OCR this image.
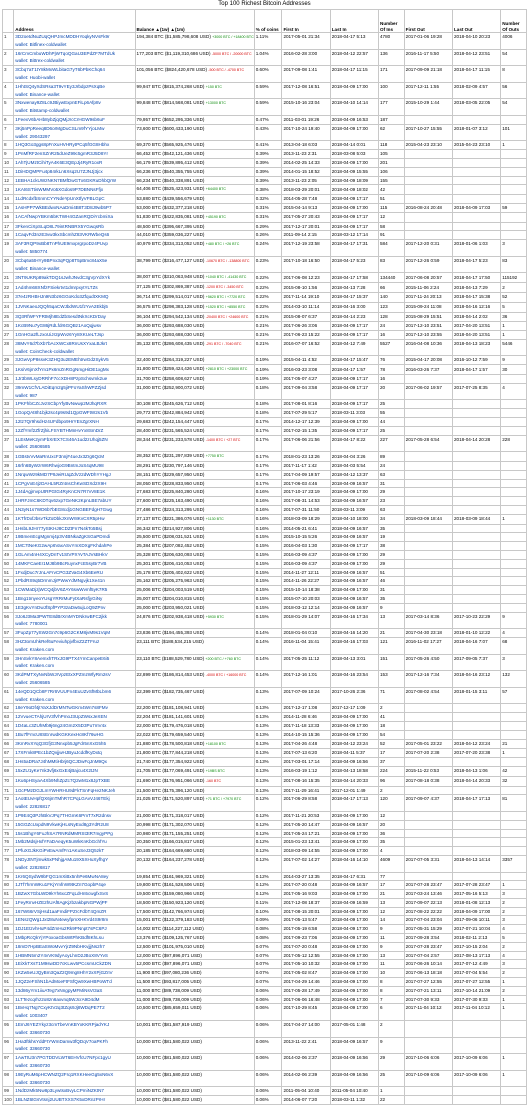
Top 100 Richest Bitcoin Addresses
	Address	Balance ▲(1w) ▲(1m)	% of coins	First In	Last In	Number Of Ins	First Out	Last Out	Number Of Outs
1	3D2oetdNuZUqQHPJmcMDDHYoqkyNVsFk9r
wallet: Bitfinex-coldwallet	194,384 BTC ($1,585,798,608 USD) +3000 BTC / +18400 BTC	1.11%	2017-05-01 21:34	2018-04-17 5:13	4780	2017-01-06 19:28	2018-04-10 20:23	4006
2	16rCmCmbuWDhPjWTqoQGaU3EPdZF7MTdUk
wallet: Bittrex-coldwallet	177,203 BTC ($1,119,310,686 USD) -5000 BTC / -20000 BTC	1.04%	2016-02-28 3:00	2018-04-12 22:57	136	2016-11-17 5:50	2018-04-12 23:51	54
3	3Cbq7aT1tY8kMxWLbitaG7yT6bPbKChq64
wallet: Huobi-wallet	101,056 BTC ($824,420,678 USD) -500 BTC / -4700 BTC	0.60%	2017-09-08 1:41	2018-04-17 11:15	171	2017-09-09 21:18	2018-04-17 11:15	8
4	1HhtSQ4yXdSRsa3T9vYEy3JrbdpzPsXqBe
wallet: Binance-wallet	99,947 BTC ($815,374,268 USD) +150 BTC	0.59%	2017-12-08 16:51	2018-04-09 17:00	100	2017-12-11 1:55	2018-02-09 4:57	56
5	3Nxwenay9Z8Lc9JBiywExpnEFiLp6Afp8v
wallet: Bitstamp-coldwallet	99,848 BTC ($814,568,081 USD) +13000 BTC	0.59%	2015-10-16 23:04	2018-04-10 14:14	177	2015-10-29 1:44	2018-03-05 22:05	54
6	1FeexV6bAHb8ybZjqQMjJrcCrHGW9sb6uF	79,957 BTC ($652,295,336 USD)	0.47%	2011-03-01 19:26	2018-04-09 16:53	187			
7	3Kj5nPpReeq8D6orMgDuCSLm9fYYjoLMw
wallet: 29043297	73,600 BTC ($600,433,190 USD)	0.43%	2017-10-24 19:40	2018-04-09 17:00	62	2017-10-27 15:55	2018-01-07 3:12	101
8	1HQ3Go3ggs8pFnXuHVHRytPCq5fGG8Hbhx	69,370 BTC ($565,925,476 USD)	0.41%	2013-04-18 6:03	2018-04-14 0:01	118	2015-04-23 23:10	2015-04-23 23:10	1
9	1PnMfRF2enSZnR25dUeZ99c5gmR3J5D8Yr	66,452 BTC ($542,121,436 USD)	0.39%	2013-11-23 2:31	2018-03-08 5:03	105			
10	1AhTjUMztCihiTyA4K6E3QEpJj4RyR1oxR	66,179 BTC ($539,895,412 USD)	0.39%	2014-02-25 14:33	2018-04-09 17:00	201			
11	1DiHDQMPFu4p84rkLn6Xsq2U7ZJNJj3jcx	66,236 BTC ($540,355,755 USD)	0.39%	2014-01-15 18:52	2018-04-09 15:55	106			
12	1EBHA1ckUWzNKN7BMfDwGTx6GKRuDhbQrW	66,234 BTC ($540,338,891 USD)	0.39%	2013-11-23 2:05	2018-04-09 18:09	155			
13	1KAt6STtisWMMVo5XGdos9P7DBNNsFfjx	64,406 BTC ($525,423,931 USD) +64400 BTC	0.38%	2018-03-29 20:01	2018-04-09 18:02	42			
14	1LdRcdxfbSnmCYYNdeYpUnXtfyVFBLGpC	53,880 BTC ($439,556,679 USD)	0.32%	2014-05-28 7:48	2018-04-09 17:17	51			
15	1AsHPP7WkBEdwxNAaDmi4B8T3D8J9wb5P7	53,000 BTC ($432,377,218 USD)	0.31%	2015-04-14 9:13	2018-04-09 17:00	115	2016-08-24 20:48	2018-04-09 17:03	59
16	1ACAfNwpYBKm5bKTWH4GZanRQDiYcbmiXa	51,830 BTC ($422,835,081 USD) +45190 BTC	0.31%	2017-05-27 20:43	2018-04-09 17:17	12			
17	3FkenCiXpSLqD8L79intRNBRX5YGwqsRb	48,500 BTC ($395,667,395 USD)	0.29%	2017-12-17 20:01	2018-04-09 17:17	58			
18	1CaqvFd3nzE3vw3kxSbcmhZ83VKRWbeQs6	44,010 BTC ($359,036,227 USD)	0.26%	2011-09-14 2:15	2018-03-12 17:14	91			
19	3AF3RQP9xBb8TnPhUE9mxprgrpoDz4PUvp
wallet: 5850774	40,979 BTC ($334,313,052 USD) +480 BTC / +26 BTC	0.24%	2017-12-19 23:58	2018-04-17 17:31	584	2017-12-20 0:31	2018-01-06 1:03	3
20	3Cbq6a5tHYy9BPnx3qPQp8T5pBmc84aX5e
wallet: Binance-wallet	38,799 BTC ($316,477,127 USD) -10670 BTC / -138800 BTC	0.23%	2017-10-18 16:50	2018-04-17 5:23	83	2017-12-26 0:59	2018-04-17 5:23	83
21	3NT9UKRp89akTDQ1sJwhJNvdC3gVpYdXYk	38,007 BTC ($310,063,948 USD) +1040 BTC / -41430 BTC	0.22%	2017-06-08 12:23	2018-04-17 17:58	134440	2017-06-08 20:57	2018-04-17 17:50	115192
22	1Ad4hm68XNfzFSiekrtvt1dmrpxytYLTZs	37,125 BTC ($302,869,387 USD) -1200 BTC / -3450 BTC	0.22%	2015-08-10 1:56	2018-04-13 7:28	66	2015-11-06 2:24	2018-04-13 7:29	2
23	37e4zRHBHJn9N3bz6GGoKdo3ZfqudtXKMQ	36,714 BTC ($299,514,017 USD) +5620 BTC / +7720 BTC	0.22%	2017-11-14 19:10	2018-04-17 15:37	140	2017-11-24 20:13	2018-04-17 15:38	52
24	1JVNKaeoJQQh5qaCWJbdWU1fzYvA2Ekbj5	36,575 BTC ($298,383,128 USD) +1520 BTC / +8550 BTC	0.22%	2014-03-10 11:14	2018-04-16 3:00	123	2015-09-24 11:08	2018-04-16 12:16	5
25	3Q3RfWFYFRtMjh8EdZbSesdtNkXcKDrDay	36,104 BTC ($294,542,134 USD) -20400 BTC / +24600 BTC	0.21%	2015-08-07 6:37	2018-04-14 2:23	128	2015-08-29 15:51	2018-04-14 2:02	36
26	1KcB9Nu7yG86jRdLfdr6GQBz1AoQqjwsv	36,000 BTC ($293,688,030 USD)	0.21%	2017-06-26 3:06	2018-04-09 17:17	24	2017-12-10 23:51	2017-04-20 13:51	1
27	1GnHGa2fLzxoUiJr2pWvz6Yy8XKUeLTJsp	36,000 BTC ($293,688,030 USD)	0.21%	2017-06-23 15:22	2018-04-09 17:17	16	2017-12-10 23:55	2018-04-20 13:51	1
28	38MvY6d7bXb7bAcXWCx8RnUsXYxaLBJkrt
wallet: CoinCheck-coldwallet	35,132 BTC ($286,608,435 USD) -291 BTC / -7040 BTC	0.21%	2016-07-07 16:52	2018-04-12 7:49	5527	2016-04-08 10:36	2018-04-13 18:23	5446
29	3JGwVpP8ssvK3ZHQ3u2EMEhtrwGd2SykV5	32,400 BTC ($264,319,227 USD)	0.19%	2015-04-11 4:52	2018-04-17 15:47	76	2015-04-17 20:08	2016-10-12 7:59	9
30	1KsiV6jmXfYm1Px6mZnRGgNmgHiDE1xgMx	31,800 BTC ($259,424,426 USD) +2810 BTC / +23000 BTC	0.19%	2016-03-23 3:08	2018-04-17 1:57	78	2016-03-26 7:37	2018-04-17 1:57	30
31	1Jr3bWLsyDRRhF7ccXDH8PzpSchsvmk2ue	31,700 BTC ($258,608,627 USD)	0.19%	2017-05-07 4:27	2018-04-09 17:17	16			
32	39mW1CfVLADiEqm2g5jiPFoYaShWPZZjsd
wallet: 987	31,000 BTC ($252,900,072 USD)	0.18%	2017-09-04 3:58	2018-04-09 17:17	20	2017-06-02 19:57	2017-07-25 8:35	4
33	1PKFhbCZcJvzSCbpYfyBvNwwp2MJhqRXR	30,108 BTC ($245,626,712 USD)	0.18%	2017-08-01 8:16	2018-04-09 17:17	25			
34	1GopQAt8h1bjk2sc4p9s9d1QpGWFtW2s1Vb	29,772 BTC ($242,884,942 USD)	0.18%	2017-07-29 5:17	2018-03-11 3:03	55			
35	12tz7Qr9hsdHz4UFdbpo9HrYEnZgrXNH	29,683 BTC ($242,154,447 USD)	0.17%	2014-12-17 12:39	2018-04-09 17:00	44			
36	12ZfYmf2ZfrZjhiLFSYBTHMnHvYx8SmDrZ	28,400 BTC ($231,565,524 USD)	0.17%	2017-02-15 1:35	2018-04-09 17:17	25			
37	1LEsMeK2ymFbXrEX7CS46A1ud2zUhqj5ZN
wallet: 25606585	28,344 BTC ($231,233,578 USD) -1400 BTC / +27 BTC	0.17%	2017-06-06 21:56	2018-04-17 8:22	227	2017-05-28 6:54	2018-04-14 20:28	228
38	1GBstvVvMaRnUxcF3nnjF4ueJx3Zrg6QcM	28,352 BTC ($231,297,839 USD) +7750 BTC	0.17%	2018-01-23 13:26	2018-04-04 3:26	89			
39	16rfn6ByWzrW6RhwjoG9BntmJoS4qMU98	28,291 BTC ($230,797,146 USD)	0.17%	2017-11-17 1:42	2018-04-03 5:54	24			
40	1NrqwWz9kMD7P9JeiRUqZdVz2dWDhYYHgJ	28,151 BTC ($229,657,950 USD)	0.17%	2017-04-09 19:57	2018-04-12 13:37	63			
41	1CPgVxE4jzDAHL5RZntnsChKwSDXd2X9H	28,050 BTC ($228,833,950 USD)	0.17%	2017-06-03 4:46	2018-04-09 16:57	31			
42	1J4dAgjmvpUtRPGtG4RyKnCN7R7vV8E1K	27,683 BTC ($225,840,280 USD)	0.16%	2017-10-17 23:19	2018-04-09 17:00	29			
43	1HRFJmC6KDTqv6zxp7GeNK2KpnLBE7abUY	27,600 BTC ($225,163,490 USD)	0.16%	2017-08-31 14:53	2018-04-09 16:57	23			
44	1N3yN1s7WD6b7bEG8cdj1GNGBEFdgH7Gwg	27,486 BTC ($224,313,295 USD)	0.16%	2017-07-31 11:50	2018-03-11 3:09	63			
45	1KTfrDxfJbsvTkZoDbkJXnWr8KvCXR5pHw	27,137 BTC ($221,386,076 USD) +1130 BTC	0.16%	2018-03-09 18:29	2018-04-10 18:00	34	2018-03-09 18:44	2018-03-09 18:44	1
46	1HsbL9JHr77yStKHJ8CDZtFn7N4kTo5Bsj	26,342 BTC ($214,927,806 USD)	0.16%	2014-05-21 6:41	2018-04-09 16:57	35			
47	19BmenEcgMgnmj4p3V4BNkaZgKSGaPDmdi	25,500 BTC ($208,031,521 USD)	0.15%	2015-10-15 5:26	2018-04-09 16:57	19			
48	1MC7tNeKG2wAp6VaxASvYmXDXgFKhdahPe	25,384 BTC ($207,082,452 USD)	0.15%	2016-04-03 1:30	2018-04-09 17:17	38			
49	1GLAm4nH4XCyDnTv1StVPXYvTAJVsBHkV	25,328 BTC ($206,630,093 USD)	0.15%	2016-03-09 4:37	2018-04-09 17:00	29			
50	14MKFCaeEr1MJ8b9BcRuynxFcE5syBr7VB	25,301 BTC ($206,410,053 USD)	0.15%	2016-03-09 4:37	2018-04-09 17:00	29			
51	1FxdjDuc7rJnLAFrvCPG3ZVaG4Xb6EeRU	25,178 BTC ($205,402,622 USD)	0.15%	2014-11-27 12:11	2018-04-09 16:57	51			
52	1PbdRS9q5DrmmJjrPWwYdMNgvjk1Xe41n	25,162 BTC ($205,275,963 USD)	0.15%	2014-11-26 22:27	2018-04-09 16:57	46			
53	1CWMaDjzjWCQ4jbV6ZAY6swWvmf5yK7R5	25,006 BTC ($204,003,519 USD)	0.15%	2015-10-14 18:38	2018-04-09 17:00	31			
54	1Bng1tmyeoYUsgYRRrMuFytXaRsfjyGiNy	25,007 BTC ($204,010,815 USD)	0.15%	2015-07-10 20:03	2018-04-09 16:57	35			
55	1E3gKvYnDwJfSpfPYP3zaDw6ujLoQ9ZPnv	25,000 BTC ($203,950,021 USD)	0.15%	2018-03-12 12:14	2018-04-09 16:57	9			
56	3Jo6J3Ma3PWTE8dBrXmMYDNkrwBFC2jkk
wallet: 7780001	24,876 BTC ($202,938,418 USD) +5930 BTC	0.15%	2018-01-29 14:07	2018-04-16 17:34	13	2017-03-14 8:36	2017-10-23 22:29	9
57	3FupZp77ySW2Gn7c9p6G2CKM8jvM9s1VqM	23,836 BTC ($194,455,393 USD)	0.14%	2018-01-04 0:10	2018-04-16 14:20	21	2017-04-30 23:18	2018-01-10 12:22	4
58	3HZ3omUhkRef6uFeviuhpjvfbvZ2ZTFruz
wallet: Kraken.com	23,111 BTC ($188,534,215 USD)	0.14%	2016-11-04 15:41	2018-04-16 17:03	121	2016-11-02 17:27	2018-04-16 7:07	68
59	3HnSvkY8AemxhTRxJG9PTX4YmCanpeE6i5
wallet: Kraken.com	23,110 BTC ($188,529,780 USD) +200 BTC / +760 BTC	0.14%	2017-05-25 11:12	2018-04-13 3:01	151	2017-05-26 4:50	2017-09-05 7:37	3
60	3KdPMTXyNvNbWJrVpzEtxXPZmzWfyRm2sV
wallet: 25606585	22,899 BTC ($186,814,453 USD) -4000 BTC / +16000 BTC	0.14%	2017-12-16 1:01	2018-04-16 23:54	153	2017-12-16 7:34	2018-04-16 23:12	132
61	14eQD1QCb8F7Rr6VUUFn4EuUZvSfMbLbm6
wallet: Kraken.com	22,399 BTC ($182,735,467 USD)	0.13%	2017-07-09 10:24	2017-10-26 2:36	71	2017-08-02 4:54	2018-01-15 3:11	57
62	18eY9oDf4jtYaXJdDrMNTwGKm4Wn7s8FMv	22,200 BTC ($181,108,941 USD)	0.13%	2017-12-17 1:08	2017-12-17 1:09	2			
63	12VvueCTAhjUrV3fVhPmoJ3UpZWsxJeXEN	22,204 BTC ($181,141,601 USD)	0.13%	2014-11-28 6:46	2018-04-09 17:00	41			
64	1D4aLc3ZUhMb9j6ng24Gm2X5D3Pu7mV4x	22,000 BTC ($179,476,018 USD)	0.13%	2017-11-18 13:33	2018-04-09 17:00	18			
65	1Bu7fFmcU8SEnrwdKGKKexHc8Kf76wHG	22,022 BTC ($179,659,540 USD)	0.13%	2014-10-15 15:36	2018-04-09 17:00	54			
66	3KmRvXYqQ3GfjG3Nnxpb5JgFdr5nXxG5h5	21,880 BTC ($178,500,818 USD) +18100 BTC	0.13%	2017-04-26 4:48	2018-04-12 23:24	52	2017-05-01 23:22	2018-04-12 23:24	21
67	17XFmk8PEc1bZQvjjwHJByuJcddfKyDxtq	21,800 BTC ($177,844,218 USD)	0.13%	2017-07-13 6:20	2018-04-11 5:37	17	2017-07-20 2:38	2017-07-20 23:38	1
68	1Hs5aDRa7J4hMMtiHbrj6QCJDwFqJnM9Qx	21,740 BTC ($177,354,922 USD)	0.13%	2017-03-01 17:14	2018-04-09 16:56	37			
69	15xZU1yKe7nk3vfj6xGxE4jBajcu4X2tJN	21,705 BTC ($177,069,491 USD) +19BS BTC	0.13%	2016-03-19 1:12	2018-04-13 18:58	224	2015-11-22 0:53	2018-04-13 1:06	42
70	1Ku6pHSyaA4Xb9NhZpZc7Q2wM1x8JpTXBE	21,690 BTC ($176,951,066 USD) -160 BTC	0.13%	2017-08-16 15:35	2018-04-14 20:33	96	2017-08-18 0:38	2018-04-14 20:33	32
71	1GcPMzDGJLmYWHRHU9dFkTSnFqHe2NKJeh	21,500 BTC ($175,396,120 USD)	0.13%	2017-11-29 16:41	2017-12-01 1:49	2			
72	1AotEUvHpfQX6jmTMhR7CPqLGAvVJ46TEkj
wallet: 22826817	21,025 BTC ($171,520,897 USD) +71 BTC / +7970 BTC	0.12%	2017-06-29 8:58	2018-04-17 17:13	120	2017-09-07 4:37	2018-04-17 17:13	81
73	1P9E4Q3PJhBkVJPq7THGmK6PmT7xR2dnsv	21,000 BTC ($171,318,017 USD)	0.12%	2017-11-21 20:53	2018-04-09 17:00	12			
74	15GGZcUxpdN9VkwKjHLsNyExd8g3YdR2U8	20,998 BTC ($171,302,070 USD)	0.12%	2017-05-20 14:47	2018-04-09 16:57	20			
75	15s1BhgY6FuJhSA7RNRdMMRSt3tR7mgyPPg	20,980 BTC ($171,155,251 USD)	0.12%	2017-05-24 17:21	2018-04-09 17:00	36			
76	1Mb2MdsjHxfYFaDAeqyK5uWkKnKbGchfYu	20,350 BTC ($166,015,817 USD)	0.12%	2015-01-23 13:41	2018-04-09 17:00	35			
77	1PfuXGJkKGiPvEwAmfFn1AKuSeJ3Q5zkT	20,185 BTC ($164,669,680 USD)	0.12%	2018-03-09 14:55	2018-04-09 17:00	4			
78	1NDyJtNTjmwk5xPNhjgAMu19X5XHuXyfhgY
wallet: 22826817	20,132 BTC ($164,237,278 USD)	0.12%	2017-07-02 14:27	2018-04-16 14:10	4609	2017-07-05 3:31	2018-04-13 14:14	3357
79	1Kr6QSydW9bFQG1mXiBx5nhPe6MwNA8ey	19,854 BTC ($161,969,321 USD)	0.12%	2014-03-27 13:35	2018-04-17 6:31	77			
80	1JTf7hrmWKu1FKjYmfnW9tKZn7GopbP4qe	19,800 BTC ($161,528,506 USD)	0.12%	2017-07-20 0:48	2018-04-09 16:57	17	2017-07-28 23:47	2017-07-28 23:47	1
81	1BZwX7GbLWD9kYh6xcZFqLdHn5cwgfxSvS	19,500 BTC ($159,080,966 USD)	0.12%	2017-05-16 9:03	2018-04-09 17:00	21	2017-03-24 13:46	2017-05-16 5:13	3
82	1FeyRmvHZE2hUAf8AgKjzbzakbpNGPWjPF	18,500 BTC ($150,923,120 USD)	0.11%	2017-12-08 18:37	2018-04-09 16:59	13	2017-09-07 22:13	2018-01-08 12:13	2
83	167W66rVSjHsd1aaFmdiFPZrcFdbT4QmZR	17,500 BTC ($142,766,974 USD)	0.10%	2017-08-15 20:01	2018-04-09 17:00	12	2017-08-22 22:22	2018-04-09 17:00	2
84	1ENszQWg1Jxt28uN4ewyfpmXHKVd4S9r8m	15,001 BTC ($122,379,183 USD)	0.09%	2017-05-13 5:47	2018-04-09 17:00	14	2017-07-04 23:04	2017-09-06 10:11	3
85	1DJ1EtzvhHuP4dZmHu2Rk9PNnpt7sPC6PJ	14,002 BTC ($114,227,112 USD)	0.08%	2017-05-19 6:58	2018-04-09 17:00	9	2017-05-31 15:29	2017-07-21 10:04	4
86	1MbpRcQkYjYPoxoaGbsWtPhKBdf8KhLsu	13,376 BTC ($109,125,767 USD)	0.08%	2017-09-23 7:06	2018-04-09 17:00	11	2017-09-28 3:54	2018-02-11 2:13	5
87	18mD7HpBEaSWoMvvYjrZ9NbHKvjjjNs2h7	12,500 BTC ($101,975,010 USD)	0.07%	2017-07-20 0:48	2018-04-09 17:00	9	2017-07-28 23:47	2017-10-15 2:04	2
88	1HBMN5m2Y4vVK9dyAoyLhnD2JBoX8VYvS	12,000 BTC ($97,896,071 USD)	0.07%	2017-05-12 12:55	2018-04-09 17:00	13	2017-07-04 2:57	2017-08-13 17:13	4
89	1EiXkTXsT1M9swDD7cKLwv5PCcsmUCkZDN	12,000 BTC ($97,896,071 USD)	0.07%	2017-05-10 10:32	2018-04-09 17:00	11	2017-06-26 10:14	2017-07-12 4:49	3
90	1KZw5eUJQyBm3QaZ2Q9mg8HhY2xXPjGZnV	11,900 BTC ($97,080,236 USD)	0.07%	2017-05-02 8:47	2018-04-09 17:00	10	2017-06-13 18:18	2017-07-04 5:54	2
91	1JQZ2eFShN1bAdMoeFtFSfQw9XwHBPoWTd	11,500 BTC ($93,817,005 USD)	0.07%	2017-04-29 14:46	2018-04-09 17:00	8	2017-07-27 12:55	2017-07-27 12:55	1
92	13d86yYm1iiuATeg7xNngpyMFMiNsVr3aS	11,000 BTC ($89,738,009 USD)	0.06%	2017-05-28 17:49	2018-04-09 17:00	8	2017-07-21 13:11	2017-10-14 21:09	2
93	1LTTezcqrhz2o8zn6axvnq5WJcrA9D4dM	11,000 BTC ($89,738,009 USD)	0.06%	2017-06-06 16:48	2018-04-09 17:00	7	2017-07-30 9:33	2017-07-30 9:33	1
94	1BvHq7Ng7CxyKtV2q3tZqs9Jj8WDqPE7T2
wallet: 1003407	10,500 BTC ($85,659,011 USD)	0.06%	2017-10-29 8:45	2018-04-09 17:00	6	2017-11-04 10:12	2017-11-04 10:12	1
95	1EmJ6YEZYkyz3cmTbeVnKBYxKKRPjadYKJ
wallet: 33660730	10,001 BTC ($81,587,919 USD)	0.06%	2017-04-27 14:00	2017-05-01 1:48	2			
96	1Ha3ftkhsYddFtYWmDamw3fQDqV7oaPKFh
wallet: 33660730	10,000 BTC ($81,580,022 USD)	0.06%	2013-11-22 2:41	2018-04-09 16:57	9			
97	1AwTtU3n7PGTDDVLWT6EHVfcU7NFpc1gyU
wallet: 33660730	10,000 BTC ($81,580,022 USD)	0.06%	2014-02-06 2:37	2018-04-09 16:56	29	2017-10-06 6:06	2017-10-09 6:06	1
98	19EyRuM6pHCWNZQ2Frq1RXKHeeGg5xN6vX
wallet: 33660730	10,000 BTC ($81,580,022 USD)	0.06%	2014-02-06 2:39	2018-04-09 16:56	25	2017-10-09 6:06	2017-10-09 6:06	1
99	1NdDzMk5Nw8p3LywtsxBvyLCPmiNZKtN7	10,000 BTC ($81,580,022 USD)	0.06%	2011-05-04 10:40	2011-05-04 10:40	1			
100	1BLNZ6tGsVtsnj2UUBTXXS7K5xDRnzPrHr	10,000 BTC ($81,580,022 USD)	0.06%	2014-06-07 7:20	2018-03-11 1:32	22			
